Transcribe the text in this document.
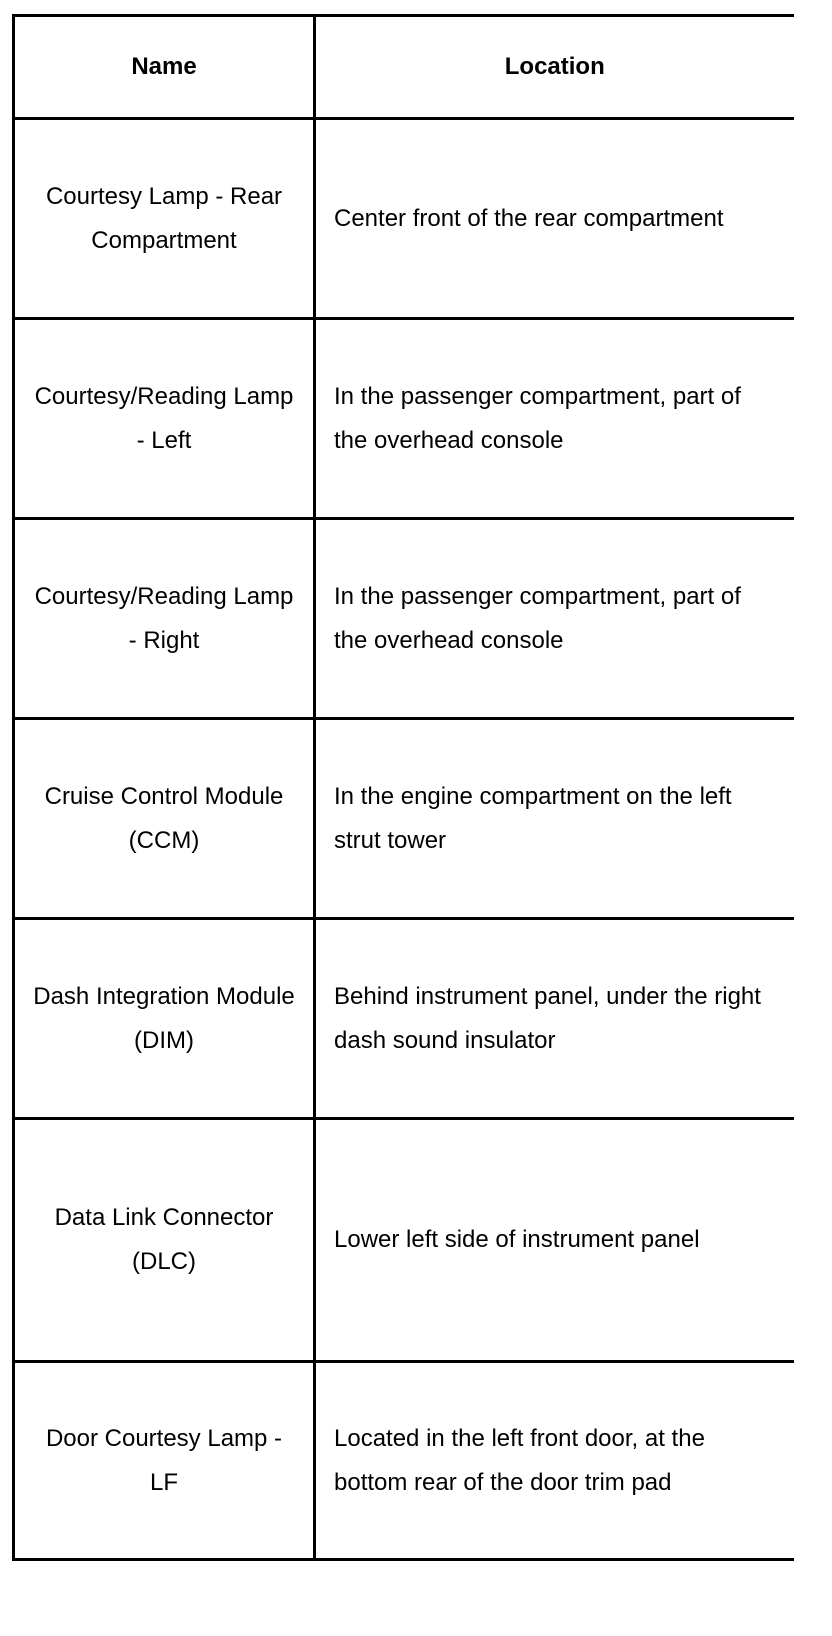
Name	Location
Courtesy Lamp - Rear Compartment	Center front of the rear compartment
Courtesy/Reading Lamp - Left	In the passenger compartment, part of the overhead console
Courtesy/Reading Lamp - Right	In the passenger compartment, part of the overhead console
Cruise Control Module (CCM)	In the engine compartment on the left strut tower
Dash Integration Module (DIM)	Behind instrument panel, under the right dash sound insulator
Data Link Connector (DLC)	Lower left side of instrument panel
Door Courtesy Lamp - LF	Located in the left front door, at the bottom rear of the door trim pad
